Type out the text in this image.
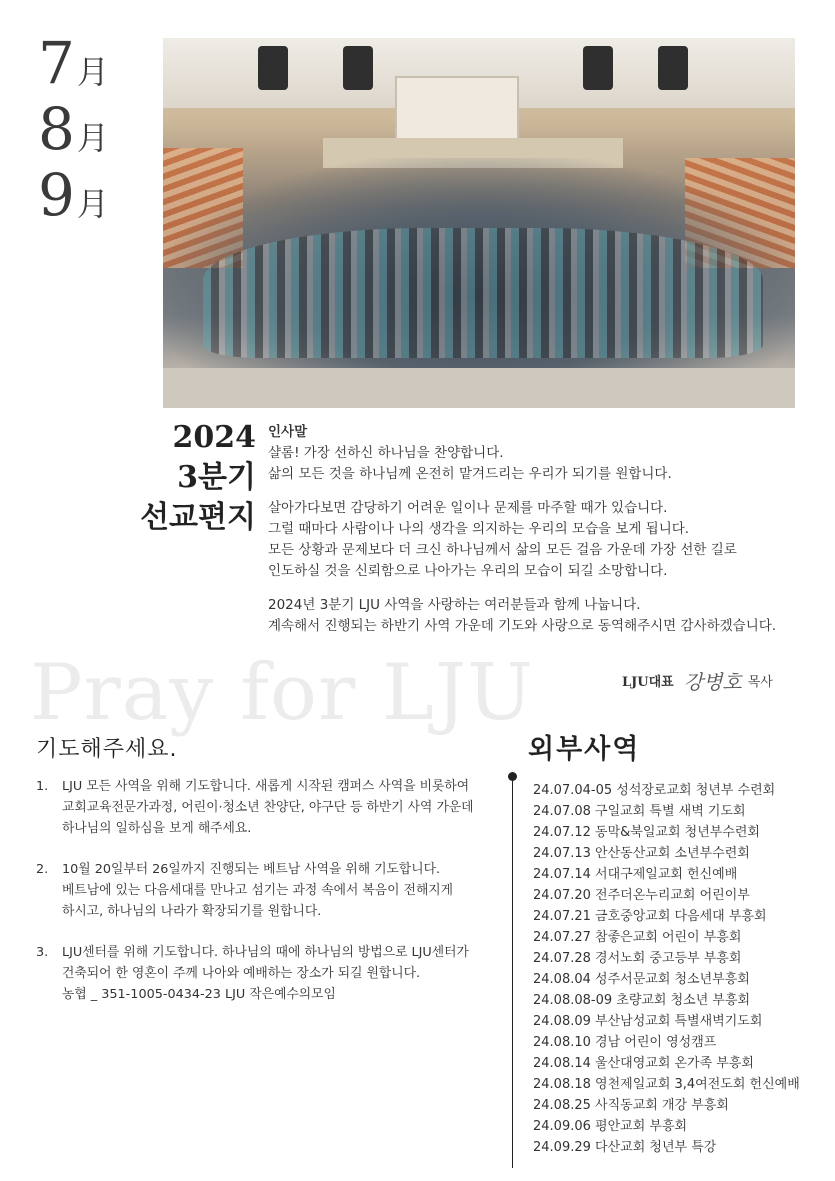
7 月
8 月
9 月
2024
3분기
선교편지
인사말

샬롬! 가장 선하신 하나님을 찬양합니다.
삶의 모든 것을 하나님께 온전히 맡겨드리는 우리가 되기를 원합니다.

살아가다보면 감당하기 어려운 일이나 문제를 마주할 때가 있습니다.
그럴 때마다 사람이나 나의 생각을 의지하는 우리의 모습을 보게 됩니다.
모든 상황과 문제보다 더 크신 하나님께서 삶의 모든 걸음 가운데 가장 선한 길로
인도하실 것을 신뢰함으로 나아가는 우리의 모습이 되길 소망합니다.

2024년 3분기 LJU 사역을 사랑하는 여러분들과 함께 나눕니다.
계속해서 진행되는 하반기 사역 가운데 기도와 사랑으로 동역해주시면 감사하겠습니다.

Pray for LJU	LJU대표 강병호 목사
기도해주세요.
1.	LJU 모든 사역을 위해 기도합니다. 새롭게 시작된 캠퍼스 사역을 비롯하여
교회교육전문가과정, 어린이·청소년 찬양단, 야구단 등 하반기 사역 가운데
하나님의 일하심을 보게 해주세요.
2.	10월 20일부터 26일까지 진행되는 베트남 사역을 위해 기도합니다.
베트남에 있는 다음세대를 만나고 섬기는 과정 속에서 복음이 전해지게
하시고, 하나님의 나라가 확장되기를 원합니다.
3.	LJU센터를 위해 기도합니다. 하나님의 때에 하나님의 방법으로 LJU센터가
건축되어 한 영혼이 주께 나아와 예배하는 장소가 되길 원합니다.
농협 _ 351-1005-0434-23 LJU 작은예수의모임
외부사역
24.07.04-05 성석장로교회 청년부 수련회
24.07.08 구일교회 특별 새벽 기도회
24.07.12 동막&북일교회 청년부수련회
24.07.13 안산동산교회 소년부수련회
24.07.14 서대구제일교회 헌신예배
24.07.20 전주더온누리교회 어린이부
24.07.21 금호중앙교회 다음세대 부흥회
24.07.27 참좋은교회 어린이 부흥회
24.07.28 경서노회 중고등부 부흥회
24.08.04 성주서문교회 청소년부흥회
24.08.08-09 초량교회 청소년 부흥회
24.08.09 부산남성교회 특별새벽기도회
24.08.10 경남 어린이 영성캠프
24.08.14 울산대영교회 온가족 부흥회
24.08.18 영천제일교회 3,4여전도회 헌신예배
24.08.25 사직동교회 개강 부흥회
24.09.06 평안교회 부흥회
24.09.29 다산교회 청년부 특강
